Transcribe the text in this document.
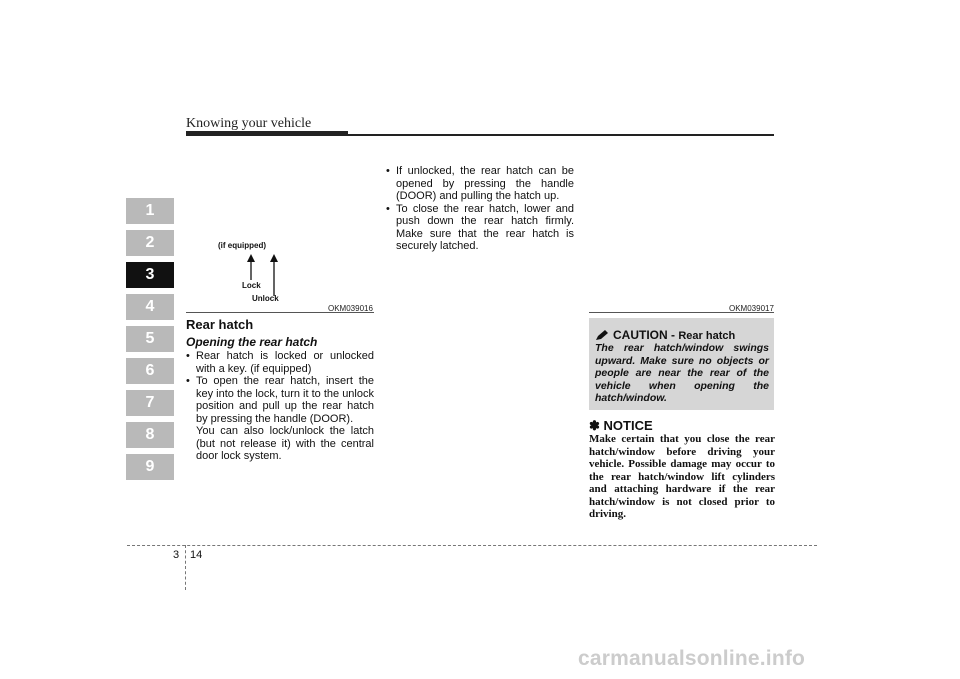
Knowing your vehicle
1
2
3
4
5
6
7
8
9
(if equipped)
Lock
Unlock
OKM039016	OKM039017
Rear hatch
Opening the rear hatch
• Rear hatch is locked or unlocked with a key. (if equipped)
• To open the rear hatch, insert the key into the lock, turn it to the unlock position and pull up the rear hatch by pressing the handle (DOOR).
You can also lock/unlock the latch (but not release it) with the central door lock system.
• If unlocked, the rear hatch can be opened by pressing the handle (DOOR) and pulling the hatch up.
• To close the rear hatch, lower and push down the rear hatch firmly. Make sure that the rear hatch is securely latched.
CAUTION - Rear hatch
The rear hatch/window swings upward. Make sure no objects or people are near the rear of the vehicle when opening the hatch/window.
✽ NOTICE
Make certain that you close the rear hatch/window before driving your vehicle. Possible damage may occur to the rear hatch/window lift cylinders and attaching hardware if the rear hatch/window is not closed prior to driving.
3 14
carmanualsonline.info
